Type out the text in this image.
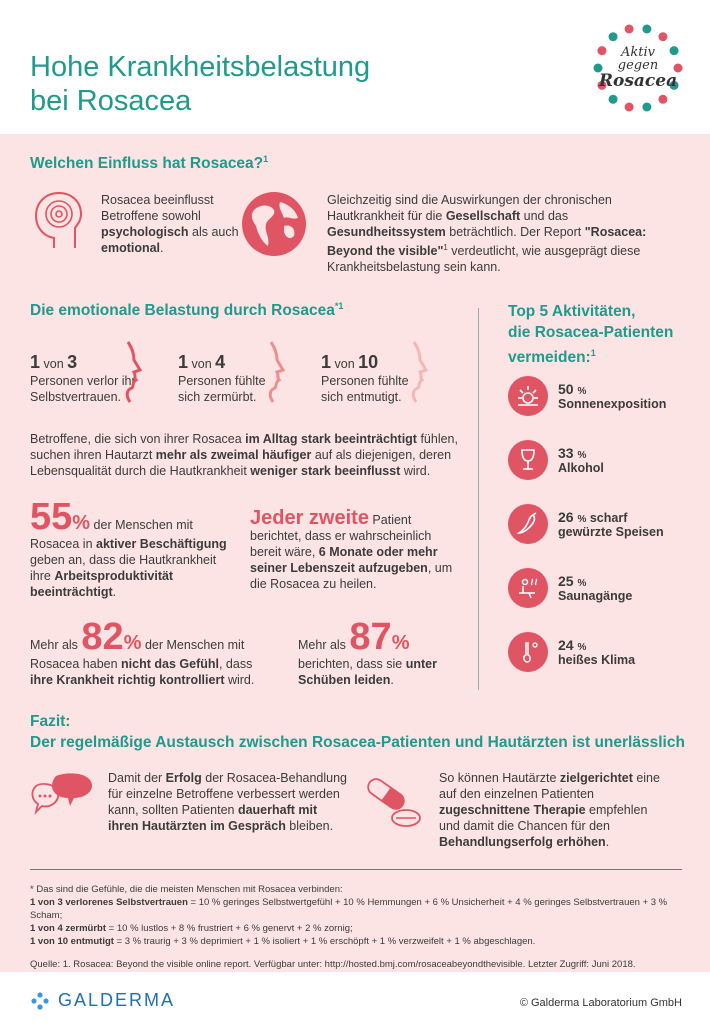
Hohe Krankheitsbelastung
bei Rosacea
Aktiv
gegen
Rosacea
Welchen Einfluss hat Rosacea?$^1$
Rosacea beeinflusst Betroffene sowohl psychologisch als auch emotional.
Gleichzeitig sind die Auswirkungen der chronischen Hautkrankheit für die Gesellschaft und das Gesundheitssystem beträchtlich. Der Report "Rosacea: Beyond the visible"$^1$ verdeutlicht, wie ausgeprägt diese Krankheitsbelastung sein kann.
Die emotionale Belastung durch Rosacea$^{*1}$
1 von 3
Personen verlor ihr Selbstvertrauen.
1 von 4
Personen fühlte sich zermürbt.
1 von 10
Personen fühlte sich entmutigt.
Betroffene, die sich von ihrer Rosacea im Alltag stark beeinträchtigt fühlen, suchen ihren Hautarzt mehr als zweimal häufiger auf als diejenigen, deren Lebensqualität durch die Hautkrankheit weniger stark beeinflusst wird.
55% der Menschen mit Rosacea in aktiver Beschäftigung geben an, dass die Hautkrankheit ihre Arbeitsproduktivität beeinträchtigt.
Jeder zweite Patient berichtet, dass er wahrscheinlich bereit wäre, 6 Monate oder mehr seiner Lebenszeit aufzugeben, um die Rosacea zu heilen.
Mehr als 82% der Menschen mit Rosacea haben nicht das Gefühl, dass ihre Krankheit richtig kontrolliert wird.
Mehr als 87% berichten, dass sie unter Schüben leiden.
Top 5 Aktivitäten,
die Rosacea-Patienten
vermeiden:$^1$
50 %
Sonnenexposition
33 %
Alkohol
26 % scharf
gewürzte Speisen
25 %
Saunagänge
24 %
heißes Klima
Fazit:
Der regelmäßige Austausch zwischen Rosacea-Patienten und Hautärzten ist unerlässlich
Damit der Erfolg der Rosacea-Behandlung für einzelne Betroffene verbessert werden kann, sollten Patienten dauerhaft mit ihren Hautärzten im Gespräch bleiben.
So können Hautärzte zielgerichtet eine auf den einzelnen Patienten zugeschnittene Therapie empfehlen und damit die Chancen für den Behandlungserfolg erhöhen.
* Das sind die Gefühle, die die meisten Menschen mit Rosacea verbinden:
1 von 3 verlorenes Selbstvertrauen = 10 % geringes Selbstwertgefühl + 10 % Hemmungen + 6 % Unsicherheit + 4 % geringes Selbstvertrauen + 3 % Scham;
1 von 4 zermürbt = 10 % lustlos + 8 % frustriert + 6 % genervt + 2 % zornig;
1 von 10 entmutigt = 3 % traurig + 3 % deprimiert + 1 % isoliert + 1 % erschöpft + 1 % verzweifelt + 1 % abgeschlagen.
Quelle: 1. Rosacea: Beyond the visible online report. Verfügbar unter: http://hosted.bmj.com/rosaceabeyondthevisible. Letzter Zugriff: Juni 2018.
GALDERMA	© Galderma Laboratorium GmbH
